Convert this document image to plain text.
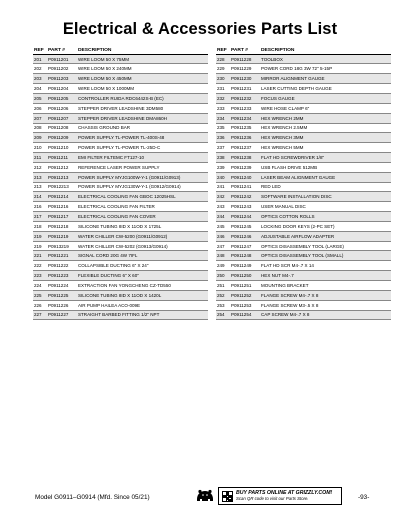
Electrical & Accessories Parts List
REF PART #	DESCRIPTION
201	P0911201	WIRE LOOM 50 X 75MM
202	P0911202	WIRE LOOM 50 X 240MM
203	P0911203	WIRE LOOM 50 X 450MM
204	P0911204	WIRE LOOM 50 X 1000MM
205	P0911205	CONTROLLER RUIDA RDC6442S-B (EC)
206	P0911206	STEPPER DRIVER LEADSHINE 3DM580
207	P0911207	STEPPER DRIVER LEADSHINE DMA860H
208	P0911208	CHASSIS GROUND BAR
209	P0911209	POWER SUPPLY TL-POWER TL-400S-48
210	P0911210	POWER SUPPLY TL-POWER TL-25D-C
211	P0911211	EMI FILTER FILTEMC FT127-10
212	P0911212	REFERENCE LASER POWER SUPPLY
213	P0911213	POWER SUPPLY MYJG100W-Y-1 (G0911/G0913)
213	P0912213	POWER SUPPLY MYJG130W-Y-1 (G0912/G0914)
214	P0911214	ELECTRICAL COOLING FAN GBOC 12025HSL
216	P0911216	ELECTRICAL COOLING FAN FILTER
217	P0911217	ELECTRICAL COOLING FAN COVER
218	P0911218	SILICONE TUBING 8ID X 11OD X 1725L
219	P0911219	WATER CHILLER CW-5200 (G0911/G0912)
219	P0913219	WATER CHILLER CW-5202 (G0913/G0914)
221	P0911221	SIGNAL CORD 20G 4W 7IFL
222	P0911222	COLLAPSIBLE DUCTING 6" X 24"
223	P0911223	FLEXIBLE DUCTING 6" X 60"
224	P0911224	EXTRACTION FAN YONGCHENG CZ-TD550
225	P0911225	SILICONE TUBING 8ID X 11OD X 1420L
226	P0911226	AIR PUMP HAILEA ACO-009E
227	P0911227	STRAIGHT BARBED FITTING 1/2" NPT
REF PART #	DESCRIPTION
228	P0911228	TOOLBOX
229	P0911229	POWER CORD 18G 3W 72" 5-15P
230	P0911230	MIRROR ALIGNMENT GAUGE
231	P0911231	LASER CUTTING DEPTH GAUGE
232	P0911232	FOCUS GAUGE
233	P0911233	WIRE HOSE CLAMP 6"
234	P0911234	HEX WRENCH 2MM
235	P0911235	HEX WRENCH 2.5MM
236	P0911236	HEX WRENCH 3MM
237	P0911237	HEX WRENCH 5MM
238	P0911238	FLAT HD SCREWDRIVER 1/8"
239	P0911239	USB FLASH DRIVE 512MB
240	P0911240	LASER BEAM ALIGNMENT GAUGE
241	P0911241	RED LED
242	P0911242	SOFTWARE INSTALLATION DISC
243	P0911243	USER MANUAL DISC
244	P0911244	OPTICS COTTON ROLLS
245	P0911245	LOCKING DOOR KEYS (2-PC SET)
246	P0911246	ADJUSTABLE AIRFLOW ADAPTER
247	P0911247	OPTICS DISASSEMBLY TOOL (LARGE)
248	P0911248	OPTICS DISASSEMBLY TOOL (SMALL)
249	P0911249	FLAT HD SCR M4-.7 X 14
250	P0911250	HEX NUT M4-.7
251	P0911251	MOUNTING BRACKET
252	P0911252	FLANGE SCREW M4-.7 X 8
253	P0911253	FLANGE SCREW M3-.5 X 8
254	P0911254	CAP SCREW M4-.7 X 8
Model G0911–G0914 (Mfd. Since 05/21)
BUY PARTS ONLINE AT GRIZZLY.COM!
Scan QR code to visit our Parts Store.	-93-
